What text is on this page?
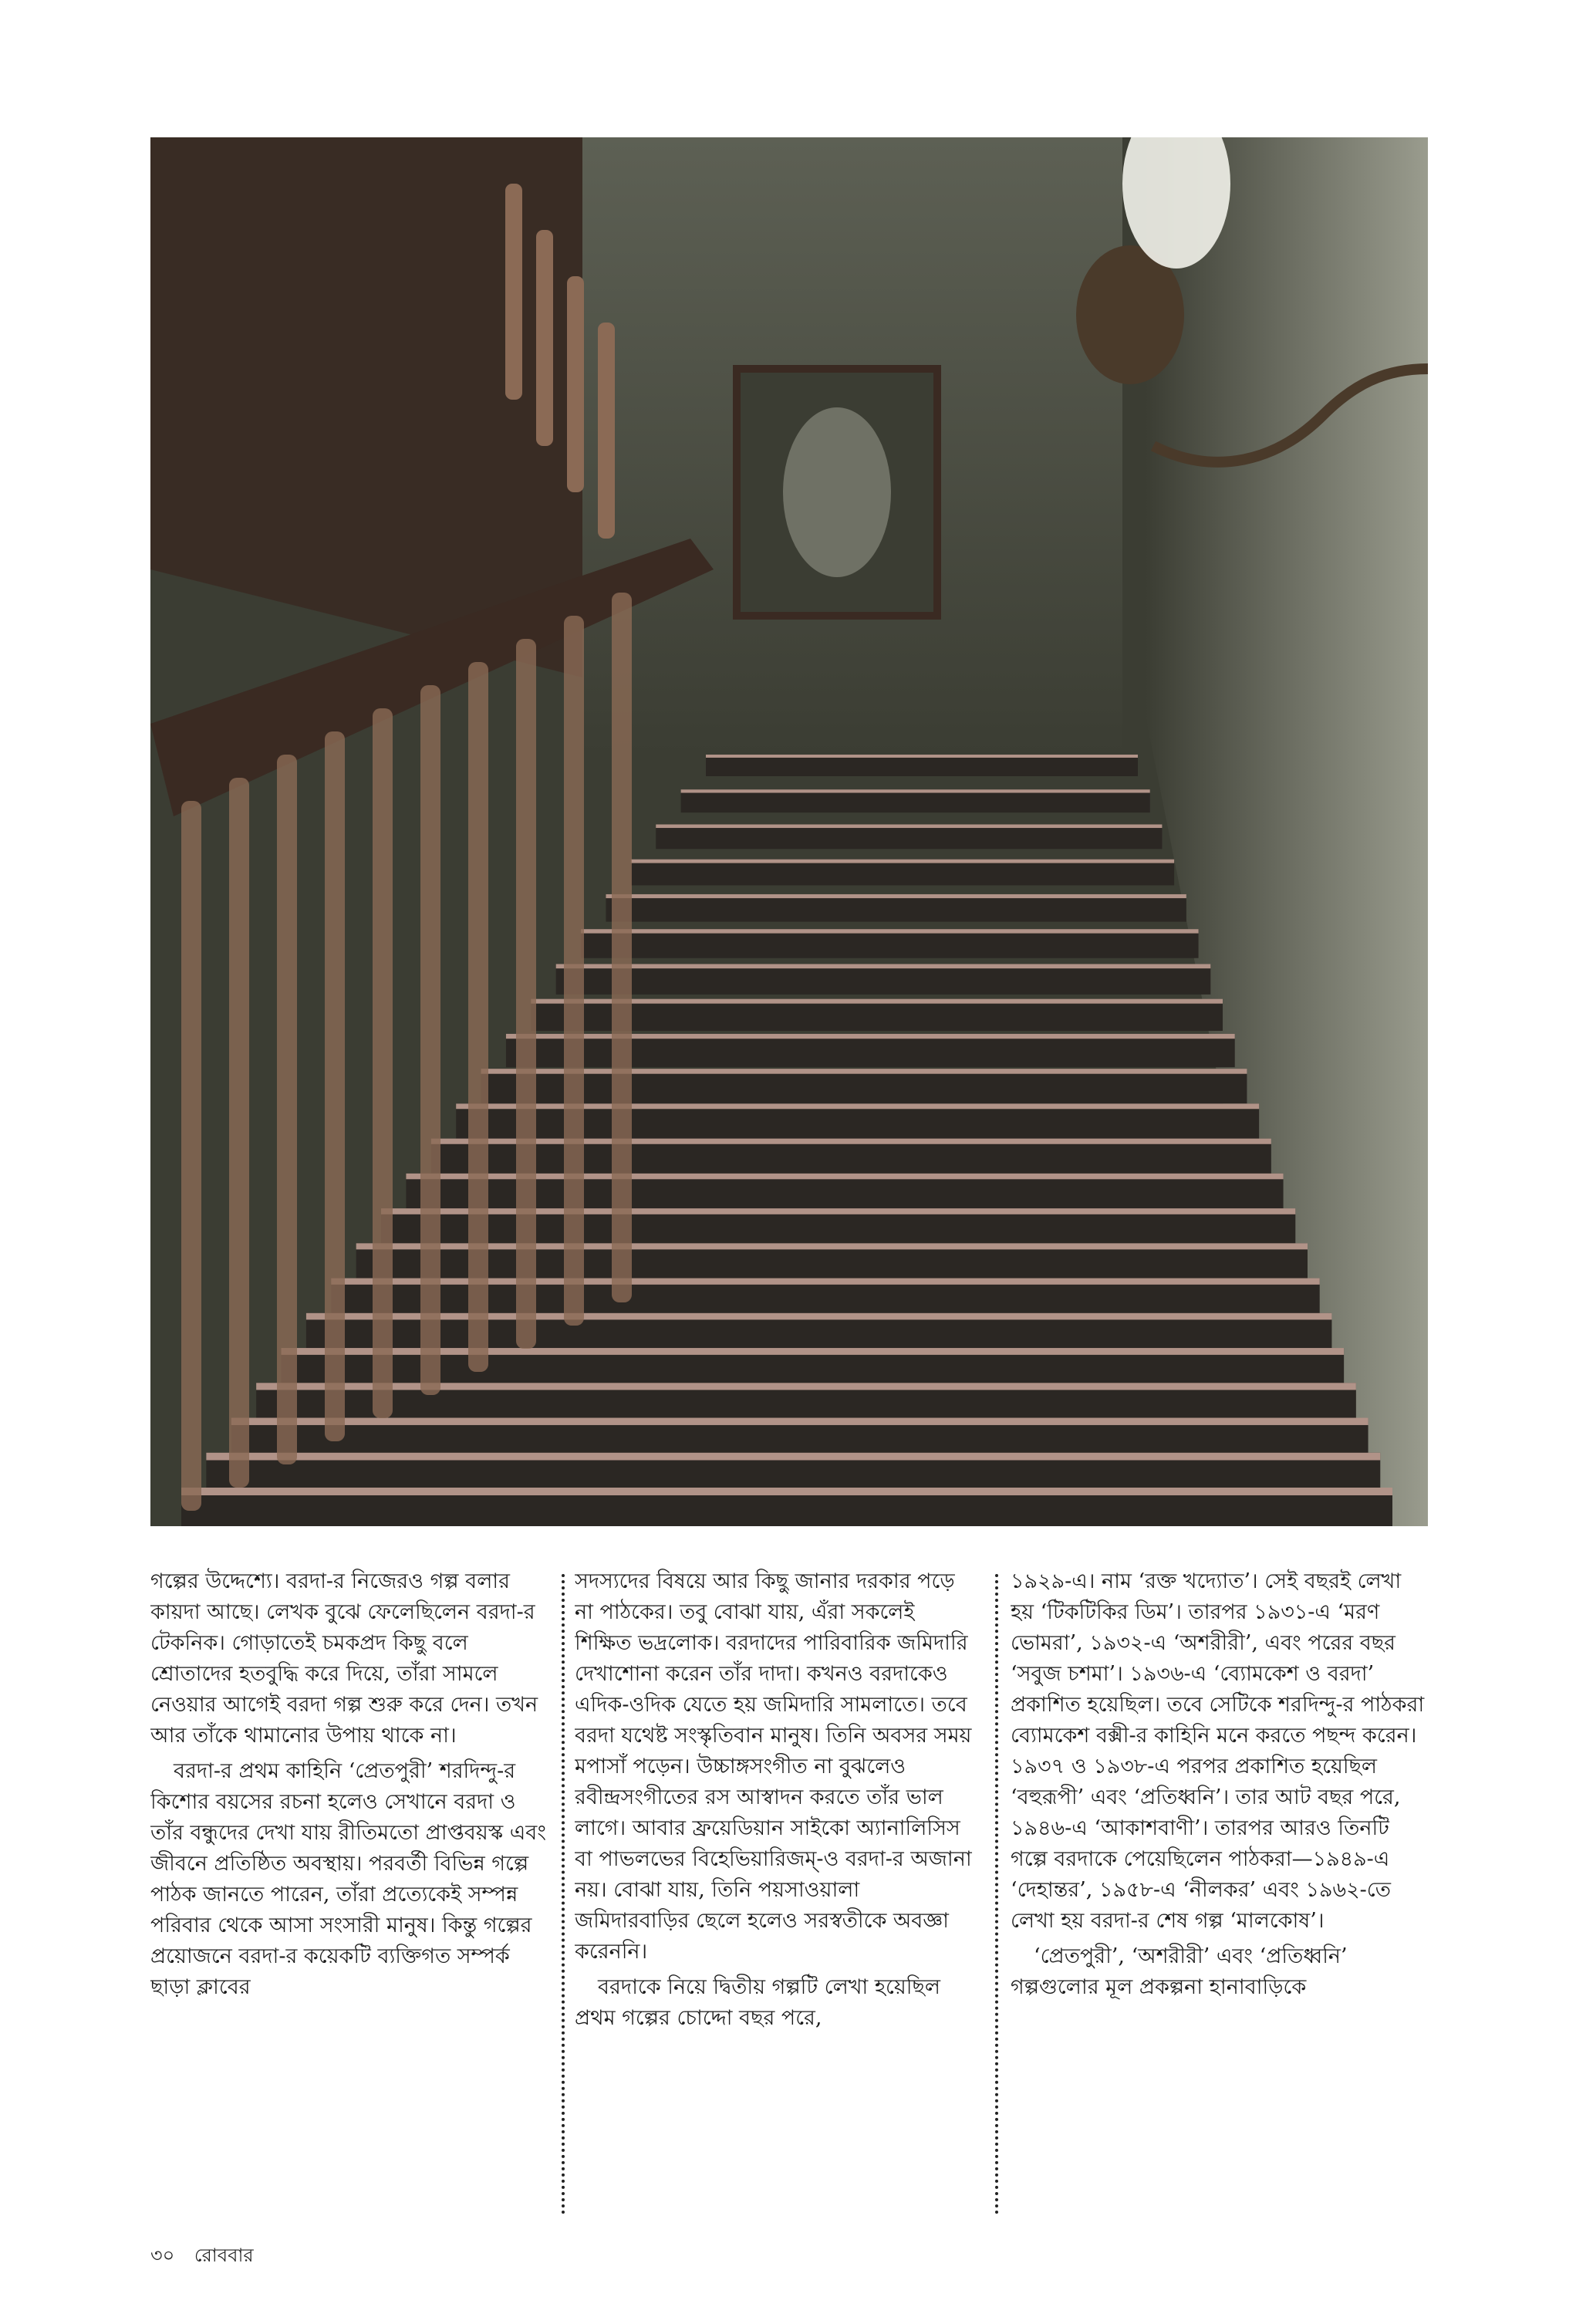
গল্পের উদ্দেশ্যে। বরদা-র নিজেরও গল্প বলার কায়দা আছে। লেখক বুঝে ফেলেছিলেন বরদা-র টেকনিক। গোড়াতেই চমকপ্রদ কিছু বলে শ্রোতাদের হতবুদ্ধি করে দিয়ে, তাঁরা সামলে নেওয়ার আগেই বরদা গল্প শুরু করে দেন। তখন আর তাঁকে থামানোর উপায় থাকে না।

বরদা-র প্রথম কাহিনি ‘প্রেতপুরী’ শরদিন্দু-র কিশোর বয়সের রচনা হলেও সেখানে বরদা ও তাঁর বন্ধুদের দেখা যায় রীতিমতো প্রাপ্তবয়স্ক এবং জীবনে প্রতিষ্ঠিত অবস্থায়। পরবর্তী বিভিন্ন গল্পে পাঠক জানতে পারেন, তাঁরা প্রত্যেকেই সম্পন্ন পরিবার থেকে আসা সংসারী মানুষ। কিন্তু গল্পের প্রয়োজনে বরদা-র কয়েকটি ব্যক্তিগত সম্পর্ক ছাড়া ক্লাবের

সদস্যদের বিষয়ে আর কিছু জানার দরকার পড়ে না পাঠকের। তবু বোঝা যায়, এঁরা সকলেই শিক্ষিত ভদ্রলোক। বরদাদের পারিবারিক জমিদারি দেখাশোনা করেন তাঁর দাদা। কখনও বরদাকেও এদিক-ওদিক যেতে হয় জমিদারি সামলাতে। তবে বরদা যথেষ্ট সংস্কৃতিবান মানুষ। তিনি অবসর সময় মপাসাঁ পড়েন। উচ্চাঙ্গসংগীত না বুঝলেও রবীন্দ্রসংগীতের রস আস্বাদন করতে তাঁর ভাল লাগে। আবার ফ্রয়েডিয়ান সাইকো অ্যানালিসিস বা পাভলভের বিহেভিয়ারিজম্-ও বরদা-র অজানা নয়। বোঝা যায়, তিনি পয়সাওয়ালা জমিদারবাড়ির ছেলে হলেও সরস্বতীকে অবজ্ঞা করেননি।

বরদাকে নিয়ে দ্বিতীয় গল্পটি লেখা হয়েছিল প্রথম গল্পের চোদ্দো বছর পরে,

১৯২৯-এ। নাম ‘রক্ত খদ্যোত’। সেই বছরই লেখা হয় ‘টিকটিকির ডিম’। তারপর ১৯৩১-এ ‘মরণ ভোমরা’, ১৯৩২-এ ‘অশরীরী’, এবং পরের বছর ‘সবুজ চশমা’। ১৯৩৬-এ ‘ব্যোমকেশ ও বরদা’ প্রকাশিত হয়েছিল। তবে সেটিকে শরদিন্দু-র পাঠকরা ব্যোমকেশ বক্সী-র কাহিনি মনে করতে পছন্দ করেন। ১৯৩৭ ও ১৯৩৮-এ পরপর প্রকাশিত হয়েছিল ‘বহুরূপী’ এবং ‘প্রতিধ্বনি’। তার আট বছর পরে, ১৯৪৬-এ ‘আকাশবাণী’। তারপর আরও তিনটি গল্পে বরদাকে পেয়েছিলেন পাঠকরা—১৯৪৯-এ ‘দেহান্তর’, ১৯৫৮-এ ‘নীলকর’ এবং ১৯৬২-তে লেখা হয় বরদা-র শেষ গল্প ‘মালকোষ’।

‘প্রেতপুরী’, ‘অশরীরী’ এবং ‘প্রতিধ্বনি’ গল্পগুলোর মূল প্রকল্পনা হানাবাড়িকে

৩০ রোববার
